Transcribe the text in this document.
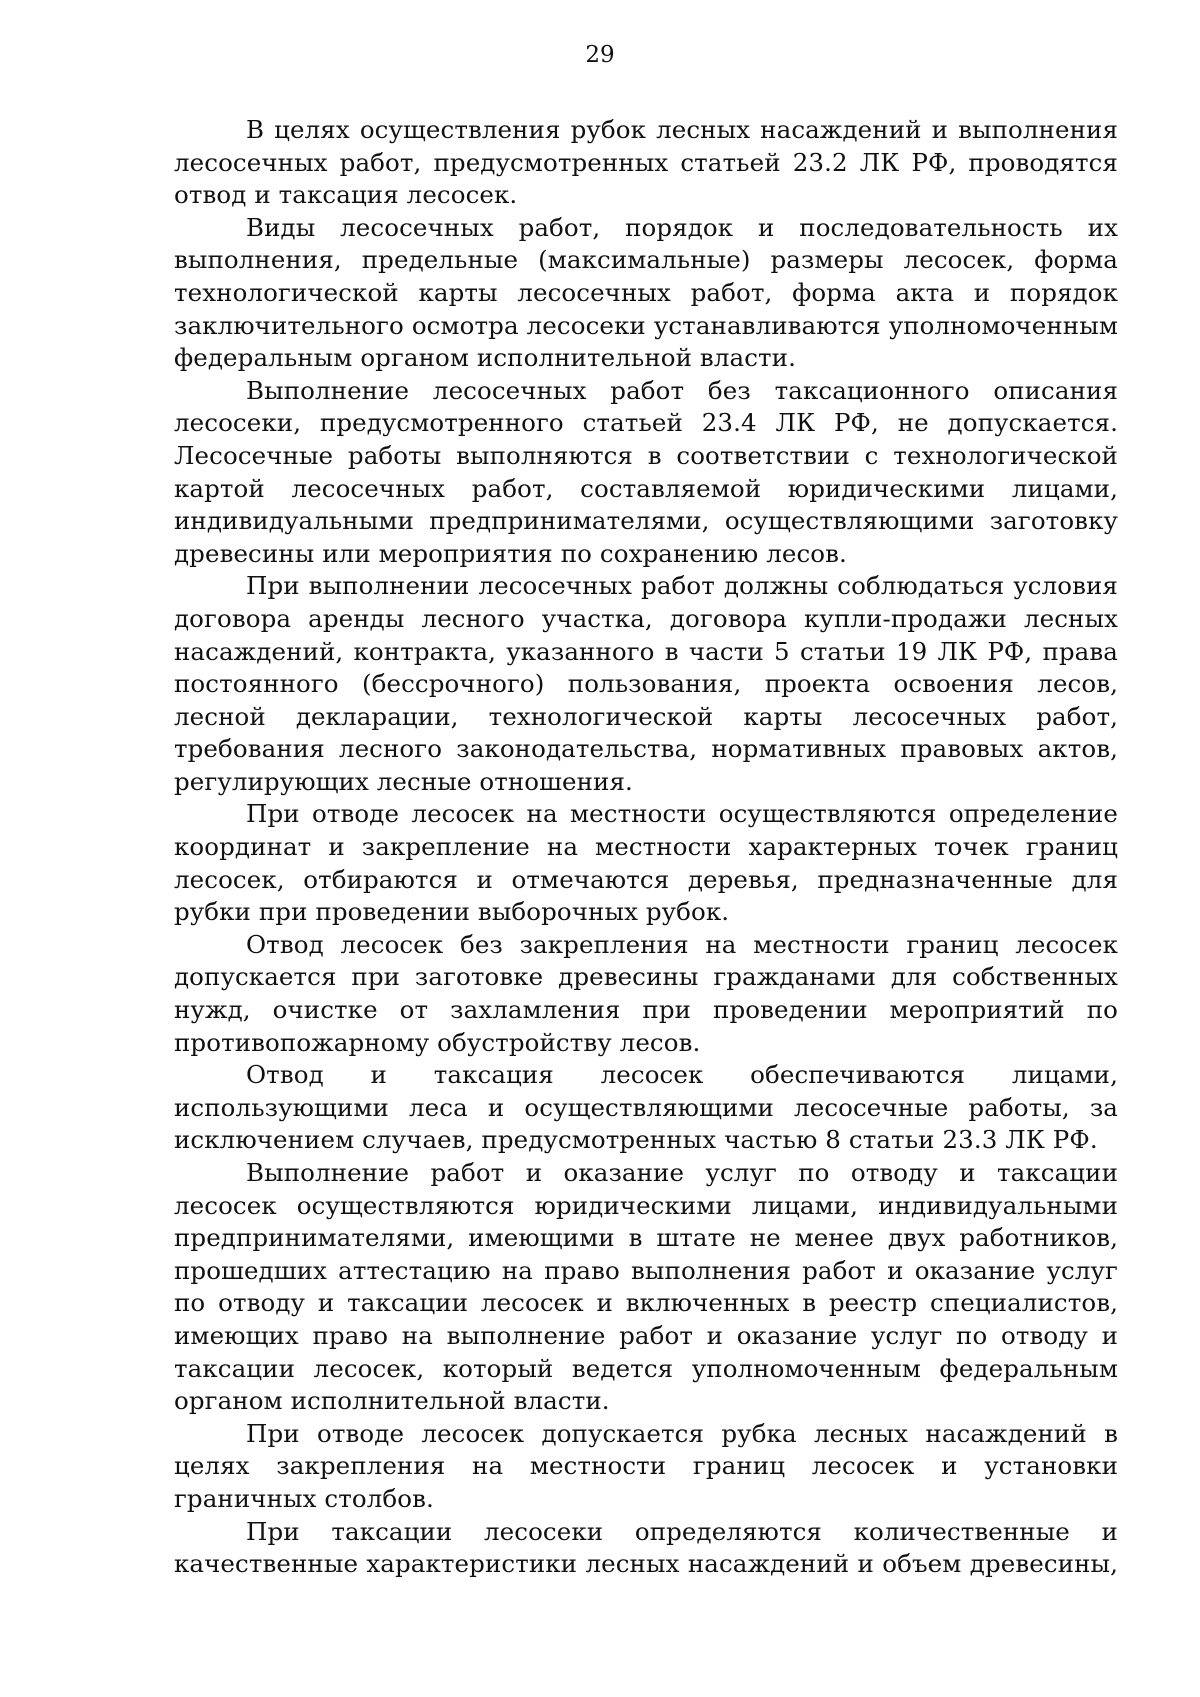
29

В целях осуществления рубок лесных насаждений и выполнения лесосечных работ, предусмотренных статьей 23.2 ЛК РФ, проводятся отвод и таксация лесосек.

Виды лесосечных работ, порядок и последовательность их выполнения, предельные (максимальные) размеры лесосек, форма технологической карты лесосечных работ, форма акта и порядок заключительного осмотра лесосеки устанавливаются уполномоченным федеральным органом исполнительной власти.

Выполнение лесосечных работ без таксационного описания лесосеки, предусмотренного статьей 23.4 ЛК РФ, не допускается. Лесосечные работы выполняются в соответствии с технологической картой лесосечных работ, составляемой юридическими лицами, индивидуальными предпринимателями, осуществляющими заготовку древесины или мероприятия по сохранению лесов.

При выполнении лесосечных работ должны соблюдаться условия договора аренды лесного участка, договора купли-продажи лесных насаждений, контракта, указанного в части 5 статьи 19 ЛК РФ, права постоянного (бессрочного) пользования, проекта освоения лесов, лесной декларации, технологической карты лесосечных работ, требования лесного законодательства, нормативных правовых актов, регулирующих лесные отношения.

При отводе лесосек на местности осуществляются определение координат и закрепление на местности характерных точек границ лесосек, отбираются и отмечаются деревья, предназначенные для рубки при проведении выборочных рубок.

Отвод лесосек без закрепления на местности границ лесосек допускается при заготовке древесины гражданами для собственных нужд, очистке от захламления при проведении мероприятий по противопожарному обустройству лесов.

Отвод и таксация лесосек обеспечиваются лицами, использующими леса и осуществляющими лесосечные работы, за исключением случаев, предусмотренных частью 8 статьи 23.3 ЛК РФ.

Выполнение работ и оказание услуг по отводу и таксации лесосек осуществляются юридическими лицами, индивидуальными предпринимателями, имеющими в штате не менее двух работников, прошедших аттестацию на право выполнения работ и оказание услуг по отводу и таксации лесосек и включенных в реестр специалистов, имеющих право на выполнение работ и оказание услуг по отводу и таксации лесосек, который ведется уполномоченным федеральным органом исполнительной власти.

При отводе лесосек допускается рубка лесных насаждений в целях закрепления на местности границ лесосек и установки граничных столбов.

При таксации лесосеки определяются количественные и качественные характеристики лесных насаждений и объем древесины,
